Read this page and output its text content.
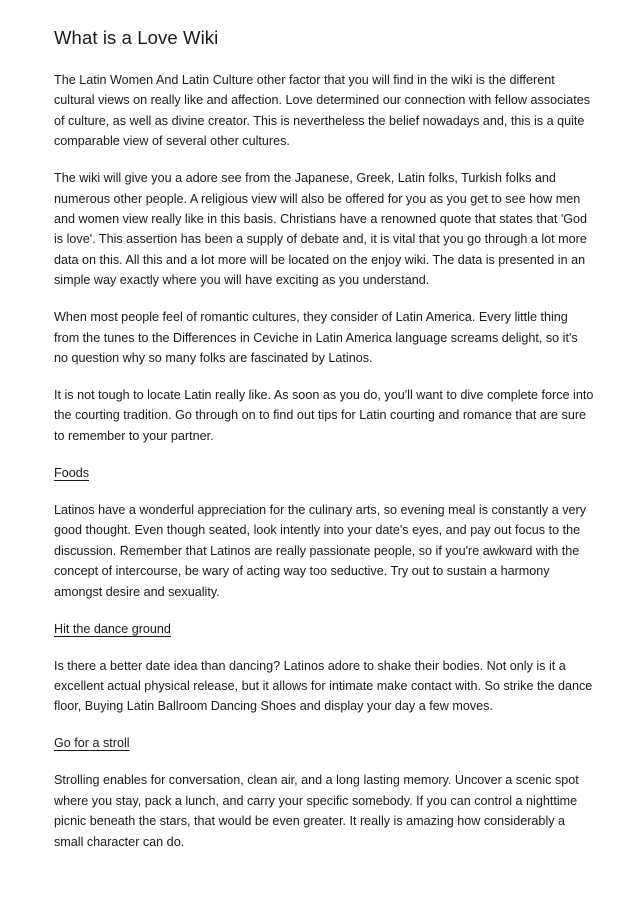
What is a Love Wiki

The Latin Women And Latin Culture other factor that you will find in the wiki is the different cultural views on really like and affection. Love determined our connection with fellow associates of culture, as well as divine creator. This is nevertheless the belief nowadays and, this is a quite comparable view of several other cultures.

The wiki will give you a adore see from the Japanese, Greek, Latin folks, Turkish folks and numerous other people. A religious view will also be offered for you as you get to see how men and women view really like in this basis. Christians have a renowned quote that states that 'God is love'. This assertion has been a supply of debate and, it is vital that you go through a lot more data on this. All this and a lot more will be located on the enjoy wiki. The data is presented in an simple way exactly where you will have exciting as you understand.

When most people feel of romantic cultures, they consider of Latin America. Every little thing from the tunes to the Differences in Ceviche in Latin America language screams delight, so it's no question why so many folks are fascinated by Latinos.

It is not tough to locate Latin really like. As soon as you do, you'll want to dive complete force into the courting tradition. Go through on to find out tips for Latin courting and romance that are sure to remember to your partner.

Foods

Latinos have a wonderful appreciation for the culinary arts, so evening meal is constantly a very good thought. Even though seated, look intently into your date's eyes, and pay out focus to the discussion. Remember that Latinos are really passionate people, so if you're awkward with the concept of intercourse, be wary of acting way too seductive. Try out to sustain a harmony amongst desire and sexuality.

Hit the dance ground

Is there a better date idea than dancing? Latinos adore to shake their bodies. Not only is it a excellent actual physical release, but it allows for intimate make contact with. So strike the dance floor, Buying Latin Ballroom Dancing Shoes and display your day a few moves.

Go for a stroll

Strolling enables for conversation, clean air, and a long lasting memory. Uncover a scenic spot where you stay, pack a lunch, and carry your specific somebody. If you can control a nighttime picnic beneath the stars, that would be even greater. It really is amazing how considerably a small character can do.
